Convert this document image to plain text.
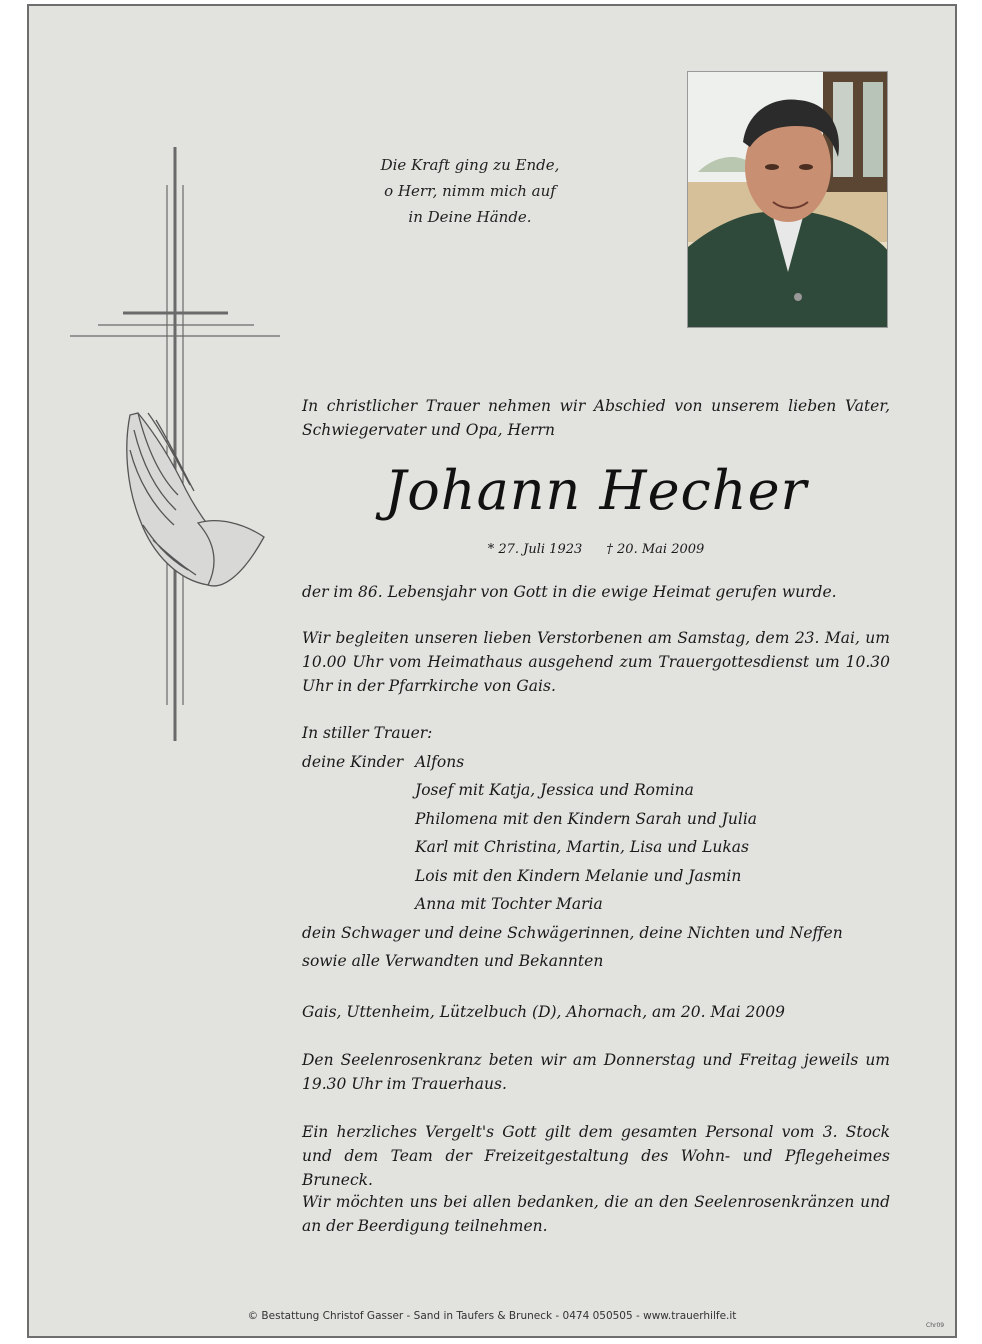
Die Kraft ging zu Ende,
o Herr, nimm mich auf
in Deine Hände.
In christlicher Trauer nehmen wir Abschied von unserem lieben Vater, Schwiegervater und Opa, Herrn
Johann Hecher
* 27. Juli 1923 † 20. Mai 2009
der im 86. Lebensjahr von Gott in die ewige Heimat gerufen wurde.
Wir begleiten unseren lieben Verstorbenen am Samstag, dem 23. Mai, um 10.00 Uhr vom Heimathaus ausgehend zum Trauergottesdienst um 10.30 Uhr in der Pfarrkirche von Gais.
In stiller Trauer:
deine Kinder Alfons
Josef mit Katja, Jessica und Romina
Philomena mit den Kindern Sarah und Julia
Karl mit Christina, Martin, Lisa und Lukas
Lois mit den Kindern Melanie und Jasmin
Anna mit Tochter Maria
dein Schwager und deine Schwägerinnen, deine Nichten und Neffen
sowie alle Verwandten und Bekannten
Gais, Uttenheim, Lützelbuch (D), Ahornach, am 20. Mai 2009
Den Seelenrosenkranz beten wir am Donnerstag und Freitag jeweils um 19.30 Uhr im Trauerhaus.
Ein herzliches Vergelt's Gott gilt dem gesamten Personal vom 3. Stock und dem Team der Freizeitgestaltung des Wohn- und Pflegeheimes Bruneck.
Wir möchten uns bei allen bedanken, die an den Seelenrosenkränzen und an der Beerdigung teilnehmen.
© Bestattung Christof Gasser - Sand in Taufers & Bruneck - 0474 050505 - www.trauerhilfe.it
Chr09
